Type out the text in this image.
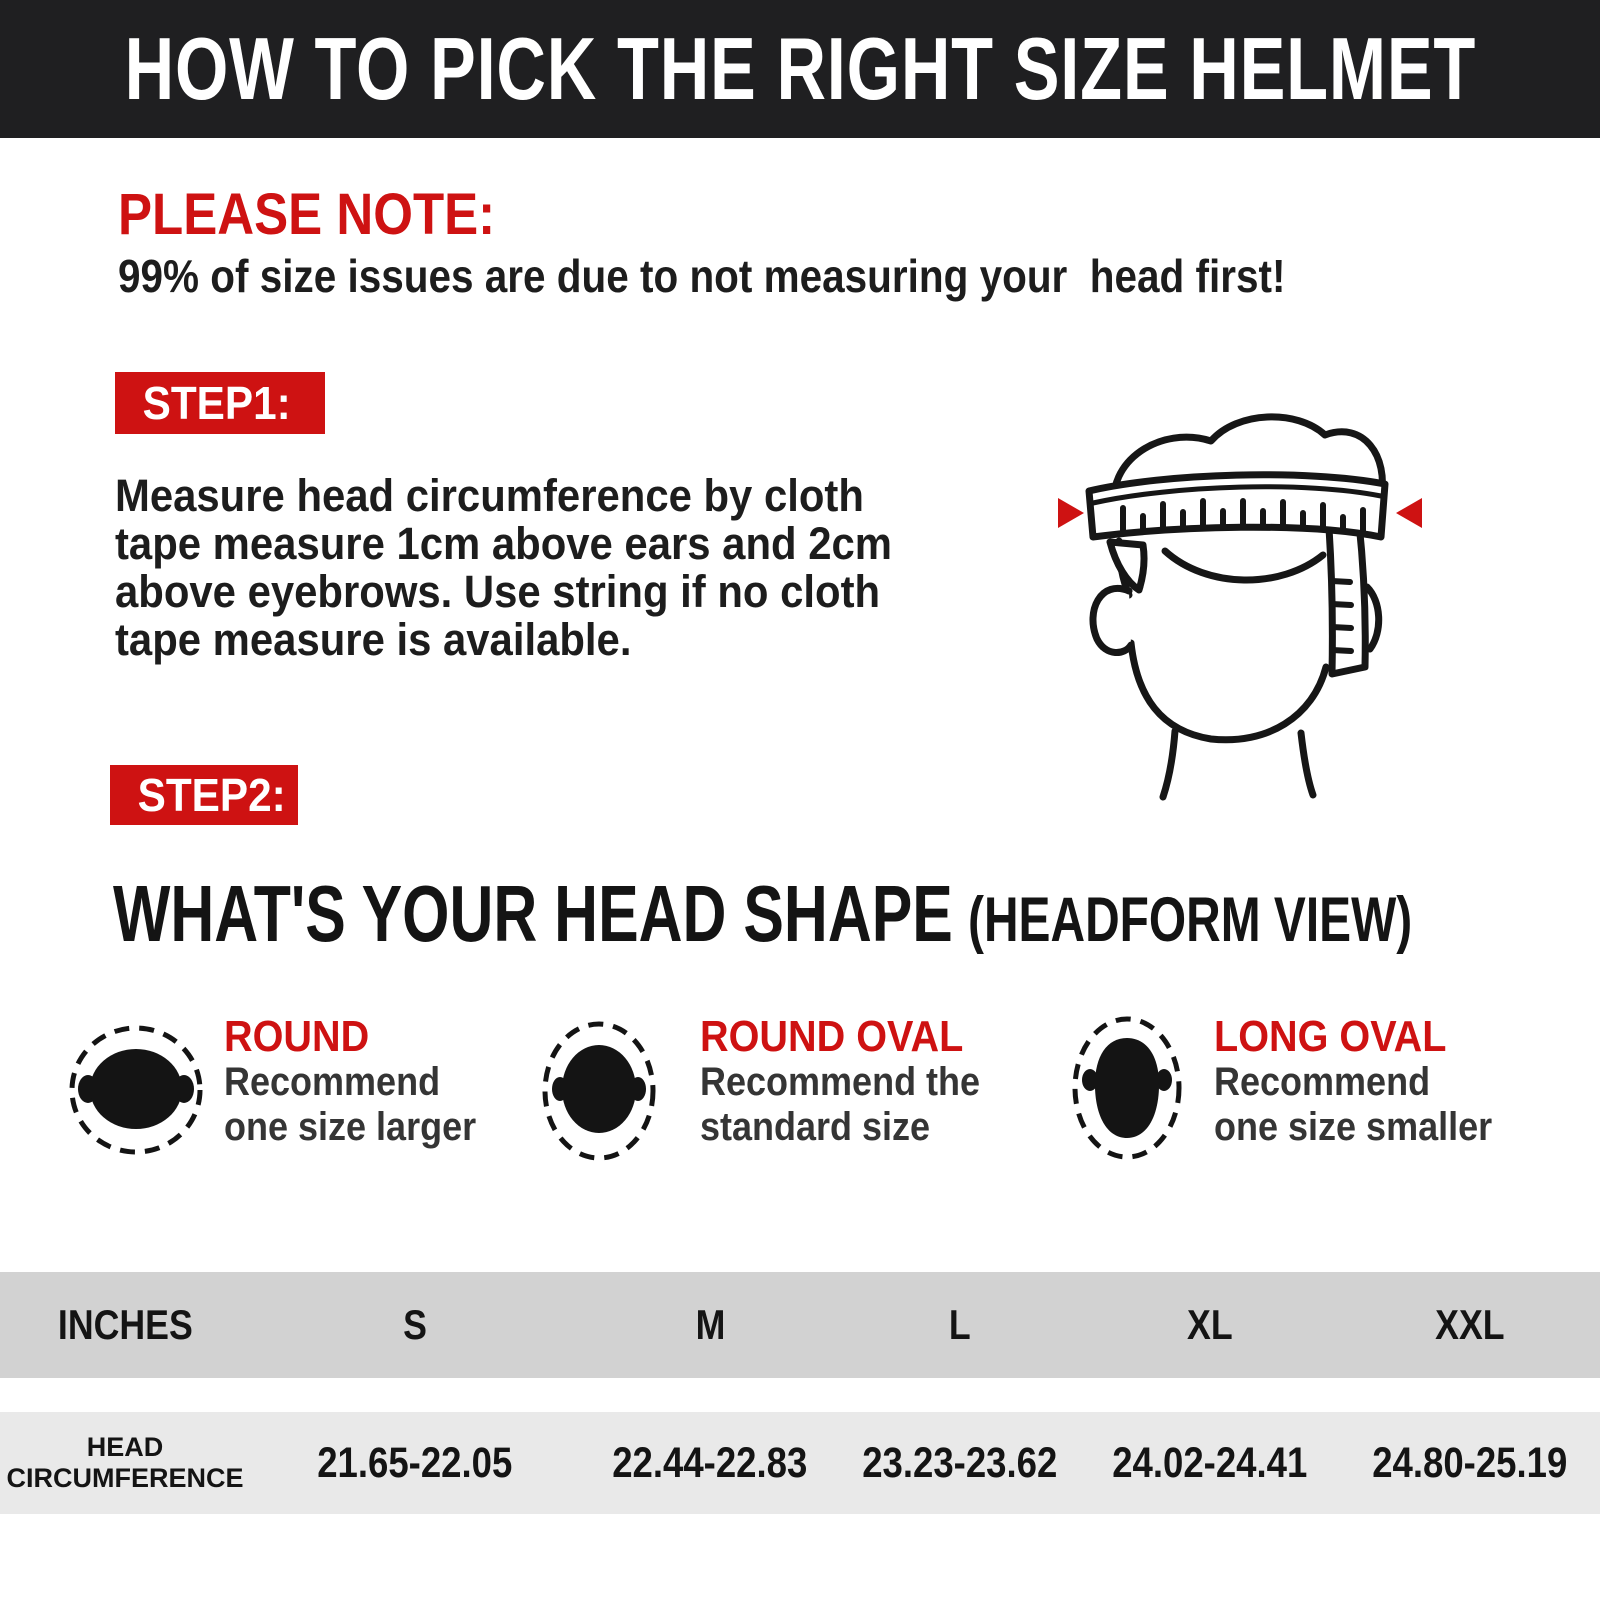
HOW TO PICK THE RIGHT SIZE HELMET
PLEASE NOTE:
99% of size issues are due to not measuring your  head first!
STEP1:
Measure head circumference by cloth
tape measure 1cm above ears and 2cm
above eyebrows. Use string if no cloth
tape measure is available.
STEP2:
WHAT'S YOUR HEAD SHAPE (HEADFORM VIEW)
ROUND
Recommend
one size larger
ROUND OVAL
Recommend the
standard size
LONG OVAL
Recommend
one size smaller
INCHES	S	M	L	XL	XXL
HEAD
CIRCUMFERENCE	21.65-22.05	22.44-22.83	23.23-23.62	24.02-24.41	24.80-25.19
